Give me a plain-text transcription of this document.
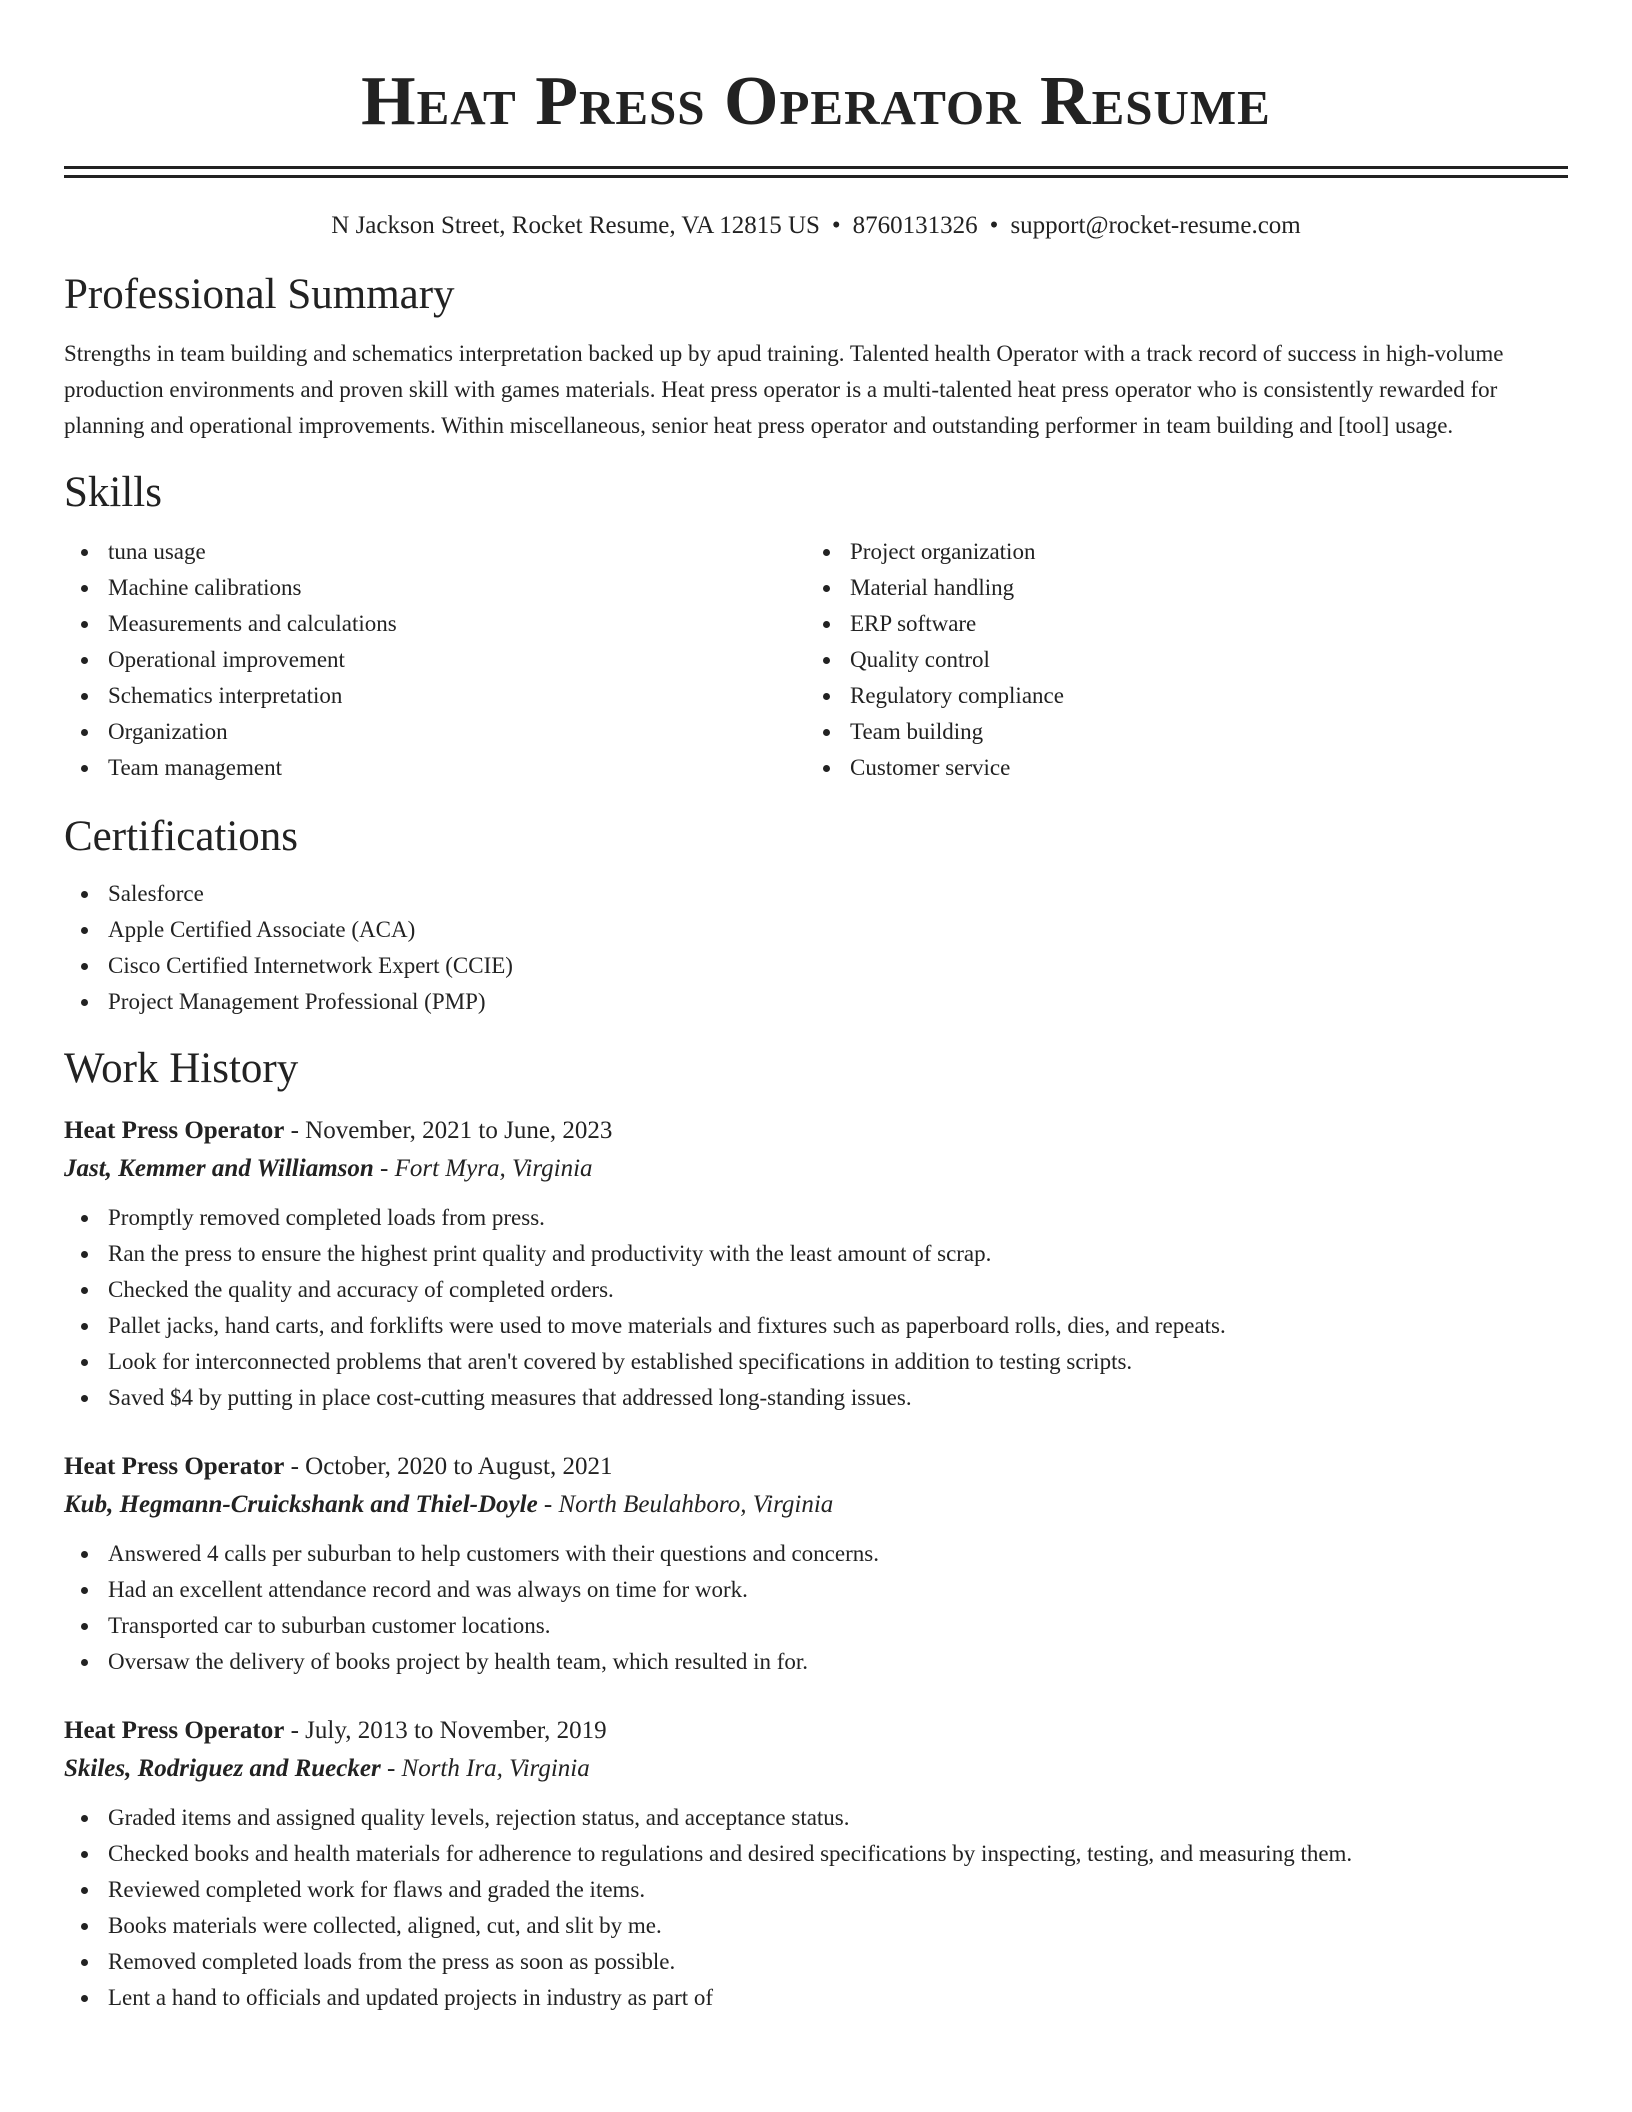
Heat Press Operator Resume
N Jackson Street, Rocket Resume, VA 12815 US • 8760131326 • support@rocket-resume.com
Professional Summary

Strengths in team building and schematics interpretation backed up by apud training. Talented health Operator with a track record of success in high-volume production environments and proven skill with games materials. Heat press operator is a multi-talented heat press operator who is consistently rewarded for planning and operational improvements. Within miscellaneous, senior heat press operator and outstanding performer in team building and [tool] usage.

Skills
tuna usage
Machine calibrations
Measurements and calculations
Operational improvement
Schematics interpretation
Organization
Team management
Project organization
Material handling
ERP software
Quality control
Regulatory compliance
Team building
Customer service
Certifications
Salesforce
Apple Certified Associate (ACA)
Cisco Certified Internetwork Expert (CCIE)
Project Management Professional (PMP)
Work History
Heat Press Operator - November, 2021 to June, 2023
Jast, Kemmer and Williamson - Fort Myra, Virginia
Promptly removed completed loads from press.
Ran the press to ensure the highest print quality and productivity with the least amount of scrap.
Checked the quality and accuracy of completed orders.
Pallet jacks, hand carts, and forklifts were used to move materials and fixtures such as paperboard rolls, dies, and repeats.
Look for interconnected problems that aren't covered by established specifications in addition to testing scripts.
Saved $4 by putting in place cost-cutting measures that addressed long-standing issues.
Heat Press Operator - October, 2020 to August, 2021
Kub, Hegmann-Cruickshank and Thiel-Doyle - North Beulahboro, Virginia
Answered 4 calls per suburban to help customers with their questions and concerns.
Had an excellent attendance record and was always on time for work.
Transported car to suburban customer locations.
Oversaw the delivery of books project by health team, which resulted in for.
Heat Press Operator - July, 2013 to November, 2019
Skiles, Rodriguez and Ruecker - North Ira, Virginia
Graded items and assigned quality levels, rejection status, and acceptance status.
Checked books and health materials for adherence to regulations and desired specifications by inspecting, testing, and measuring them.
Reviewed completed work for flaws and graded the items.
Books materials were collected, aligned, cut, and slit by me.
Removed completed loads from the press as soon as possible.
Lent a hand to officials and updated projects in industry as part of
